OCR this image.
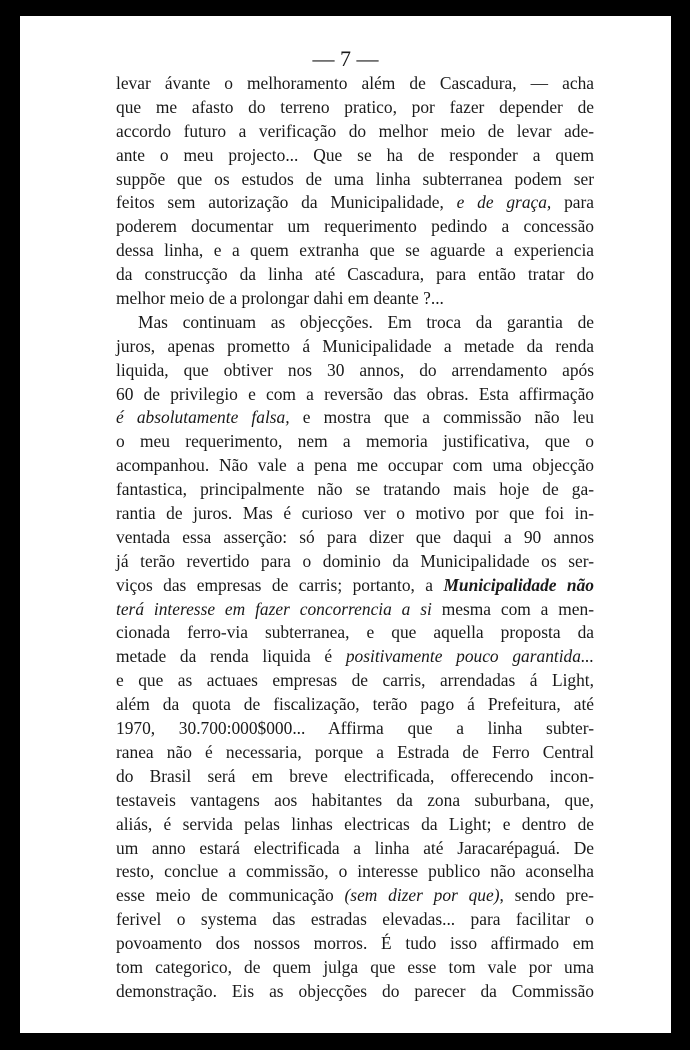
— 7 —
levar ávante o melhoramento além de Cascadura, — acha
que me afasto do terreno pratico, por fazer depender de
accordo futuro a verificação do melhor meio de levar ade-
ante o meu projecto... Que se ha de responder a quem
suppõe que os estudos de uma linha subterranea podem ser
feitos sem autorização da Municipalidade, e de graça, para
poderem documentar um requerimento pedindo a concessão
dessa linha, e a quem extranha que se aguarde a experiencia
da construcção da linha até Cascadura, para então tratar do
melhor meio de a prolongar dahi em deante ?...
Mas continuam as objecções. Em troca da garantia de
juros, apenas prometto á Municipalidade a metade da renda
liquida, que obtiver nos 30 annos, do arrendamento após
60 de privilegio e com a reversão das obras. Esta affirmação
é absolutamente falsa, e mostra que a commissão não leu
o meu requerimento, nem a memoria justificativa, que o
acompanhou. Não vale a pena me occupar com uma objecção
fantastica, principalmente não se tratando mais hoje de ga-
rantia de juros. Mas é curioso ver o motivo por que foi in-
ventada essa asserção: só para dizer que daqui a 90 annos
já terão revertido para o dominio da Municipalidade os ser-
viços das empresas de carris; portanto, a Municipalidade não
terá interesse em fazer concorrencia a si mesma com a men-
cionada ferro-via subterranea, e que aquella proposta da
metade da renda liquida é positivamente pouco garantida...
e que as actuaes empresas de carris, arrendadas á Light,
além da quota de fiscalização, terão pago á Prefeitura, até
1970, 30.700:000$000... Affirma que a linha subter-
ranea não é necessaria, porque a Estrada de Ferro Central
do Brasil será em breve electrificada, offerecendo incon-
testaveis vantagens aos habitantes da zona suburbana, que,
aliás, é servida pelas linhas electricas da Light; e dentro de
um anno estará electrificada a linha até Jaracarépaguá. De
resto, conclue a commissão, o interesse publico não aconselha
esse meio de communicação (sem dizer por que), sendo pre-
ferivel o systema das estradas elevadas... para facilitar o
povoamento dos nossos morros. É tudo isso affirmado em
tom categorico, de quem julga que esse tom vale por uma
demonstração. Eis as objecções do parecer da Commissão
